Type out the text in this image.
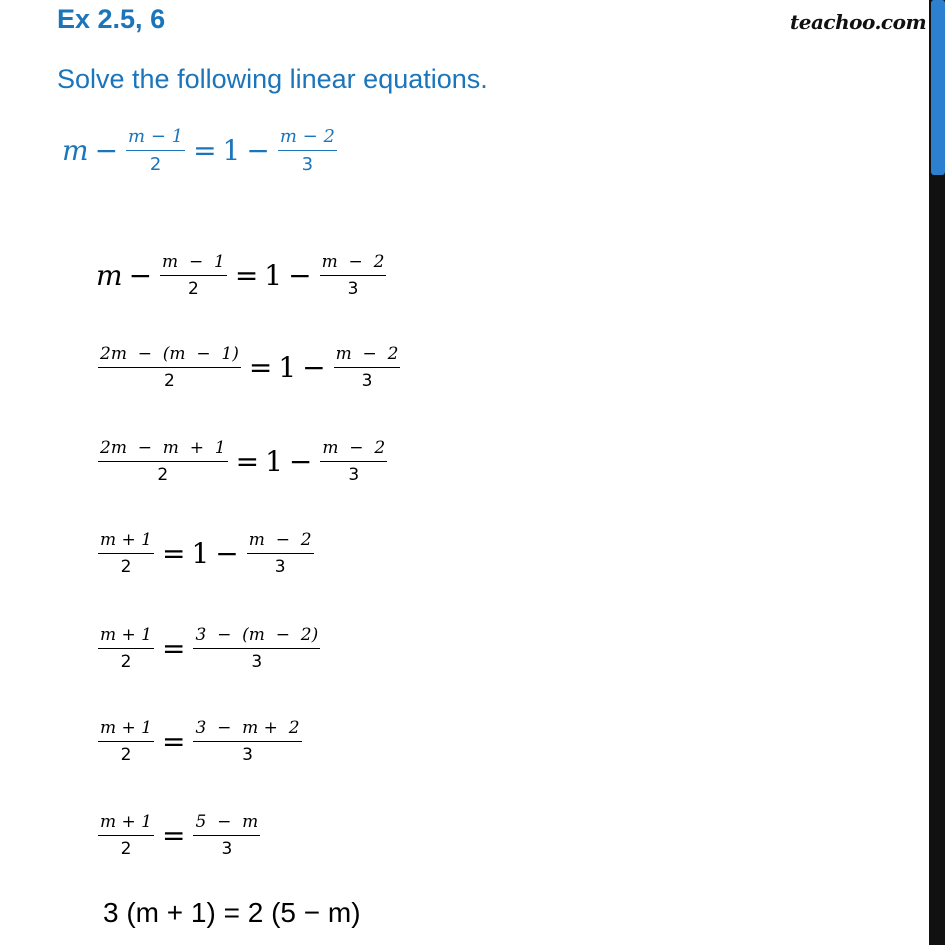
Ex 2.5, 6	teachoo.com
Solve the following linear equations.
$m - \frac{m - 1}{2} = 1 - \frac{m - 2}{3}$
$m - \frac{m - 1}{2} = 1 - \frac{m - 2}{3}$
$\frac{2m - (m - 1)}{2} = 1 - \frac{m - 2}{3}$
$\frac{2m - m + 1}{2} = 1 - \frac{m - 2}{3}$
$\frac{m + 1}{2} = 1 - \frac{m - 2}{3}$
$\frac{m + 1}{2} = \frac{3 - (m - 2)}{3}$
$\frac{m + 1}{2} = \frac{3 - m + 2}{3}$
$\frac{m + 1}{2} = \frac{5 - m}{3}$
3 (m + 1) = 2 (5 − m)
